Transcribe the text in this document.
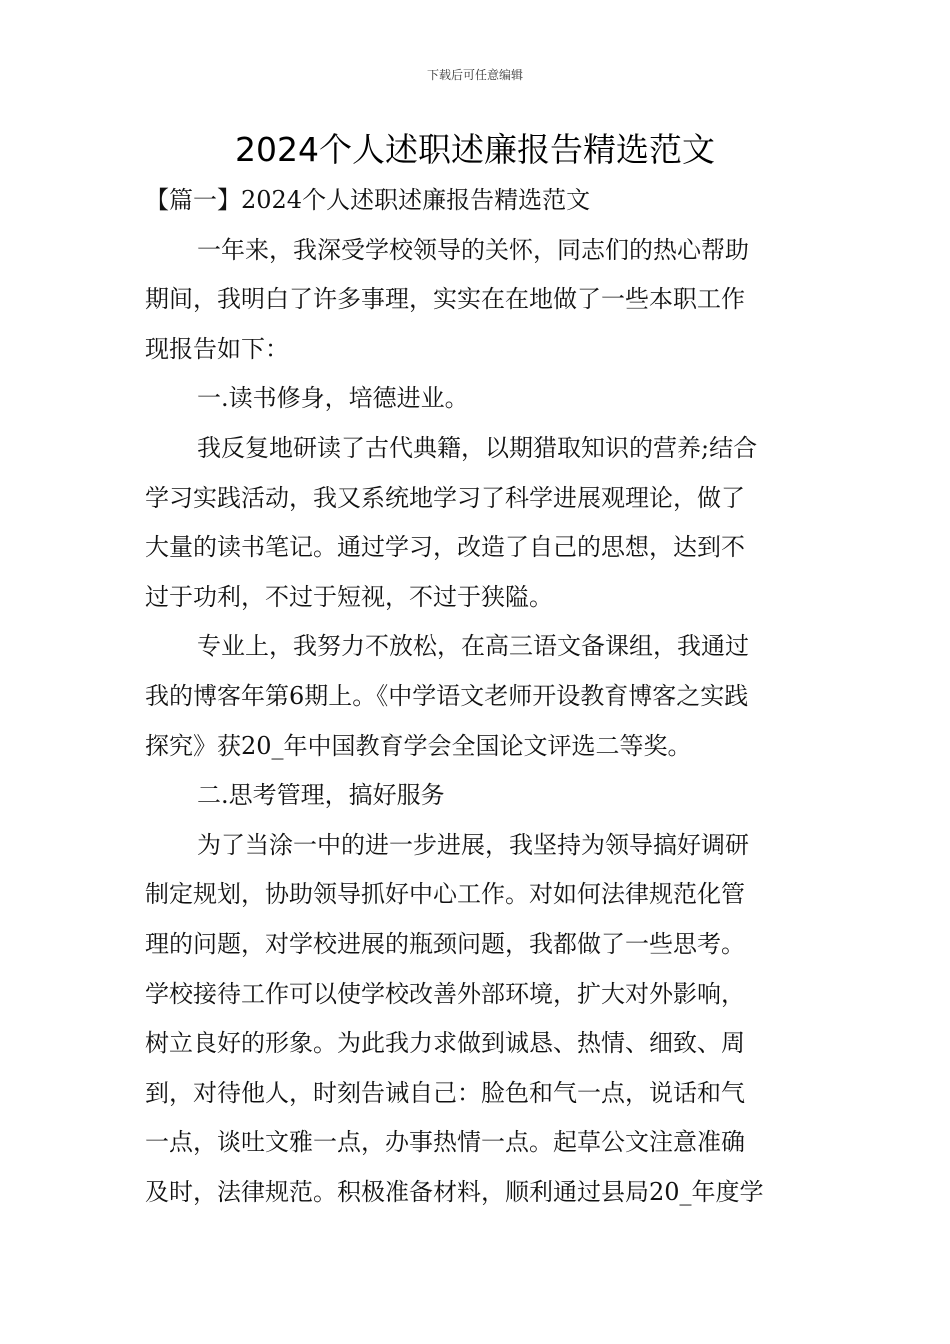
下载后可任意编辑
2024个人述职述廉报告精选范文
【篇一】2024个人述职述廉报告精选范文
一年来，我深受学校领导的关怀，同志们的热心帮助
期间，我明白了许多事理，实实在在地做了一些本职工作
现报告如下：
一.读书修身，培德进业。
我反复地研读了古代典籍，以期猎取知识的营养;结合
学习实践活动，我又系统地学习了科学进展观理论，做了
大量的读书笔记。通过学习，改造了自己的思想，达到不
过于功利，不过于短视，不过于狭隘。
专业上，我努力不放松，在高三语文备课组，我通过
我的博客年第6期上。《中学语文老师开设教育博客之实践
探究》获20_年中国教育学会全国论文评选二等奖。
二.思考管理，搞好服务
为了当涂一中的进一步进展，我坚持为领导搞好调研
制定规划，协助领导抓好中心工作。对如何法律规范化管
理的问题，对学校进展的瓶颈问题，我都做了一些思考。
学校接待工作可以使学校改善外部环境，扩大对外影响，
树立良好的形象。为此我力求做到诚恳、热情、细致、周
到，对待他人，时刻告诫自己：脸色和气一点，说话和气
一点，谈吐文雅一点，办事热情一点。起草公文注意准确
及时，法律规范。积极准备材料，顺利通过县局20_年度学
